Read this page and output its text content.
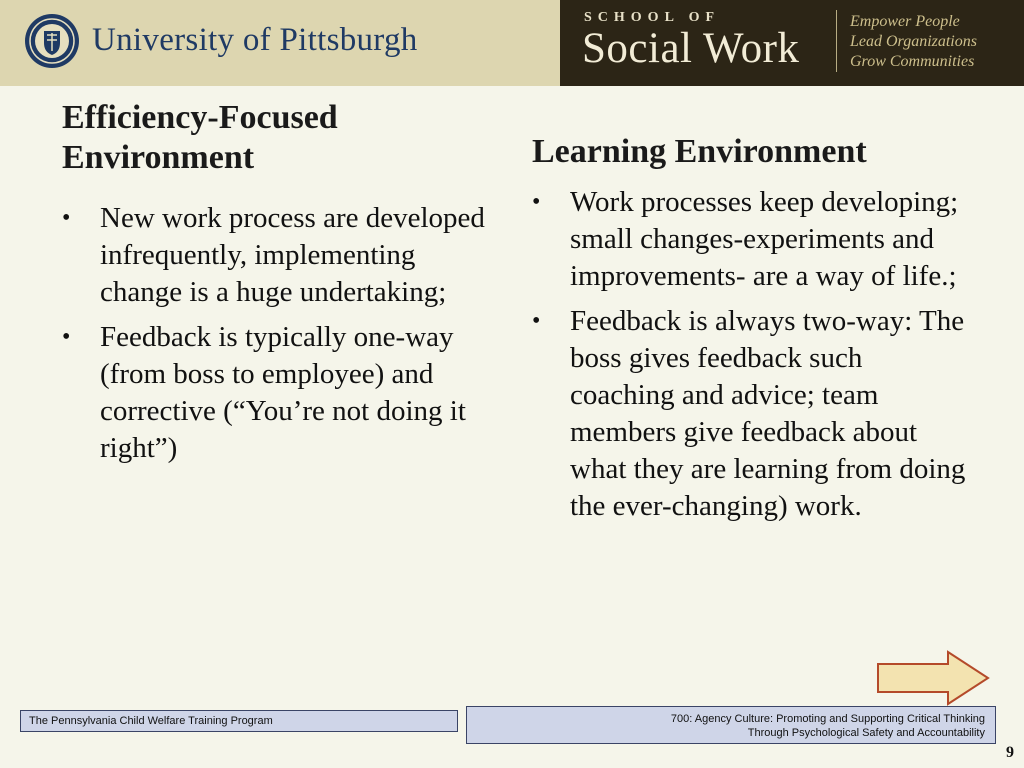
University of Pittsburgh
SCHOOL OF
Social Work
Empower People
Lead Organizations
Grow Communities
Efficiency-Focused Environment
•	New work process are developed infrequently, implementing change is a huge undertaking;
•	Feedback is typically one-way (from boss to employee) and corrective (“You’re not doing it right”)
Learning Environment
•	Work processes keep developing; small changes-experiments and improvements- are a way of life.;
•	Feedback is always two-way: The boss gives feedback such coaching and advice; team members give feedback about what they are learning from doing the ever-changing) work.
The Pennsylvania Child Welfare Training Program	700: Agency Culture: Promoting and Supporting Critical Thinking
Through Psychological Safety and Accountability
9
